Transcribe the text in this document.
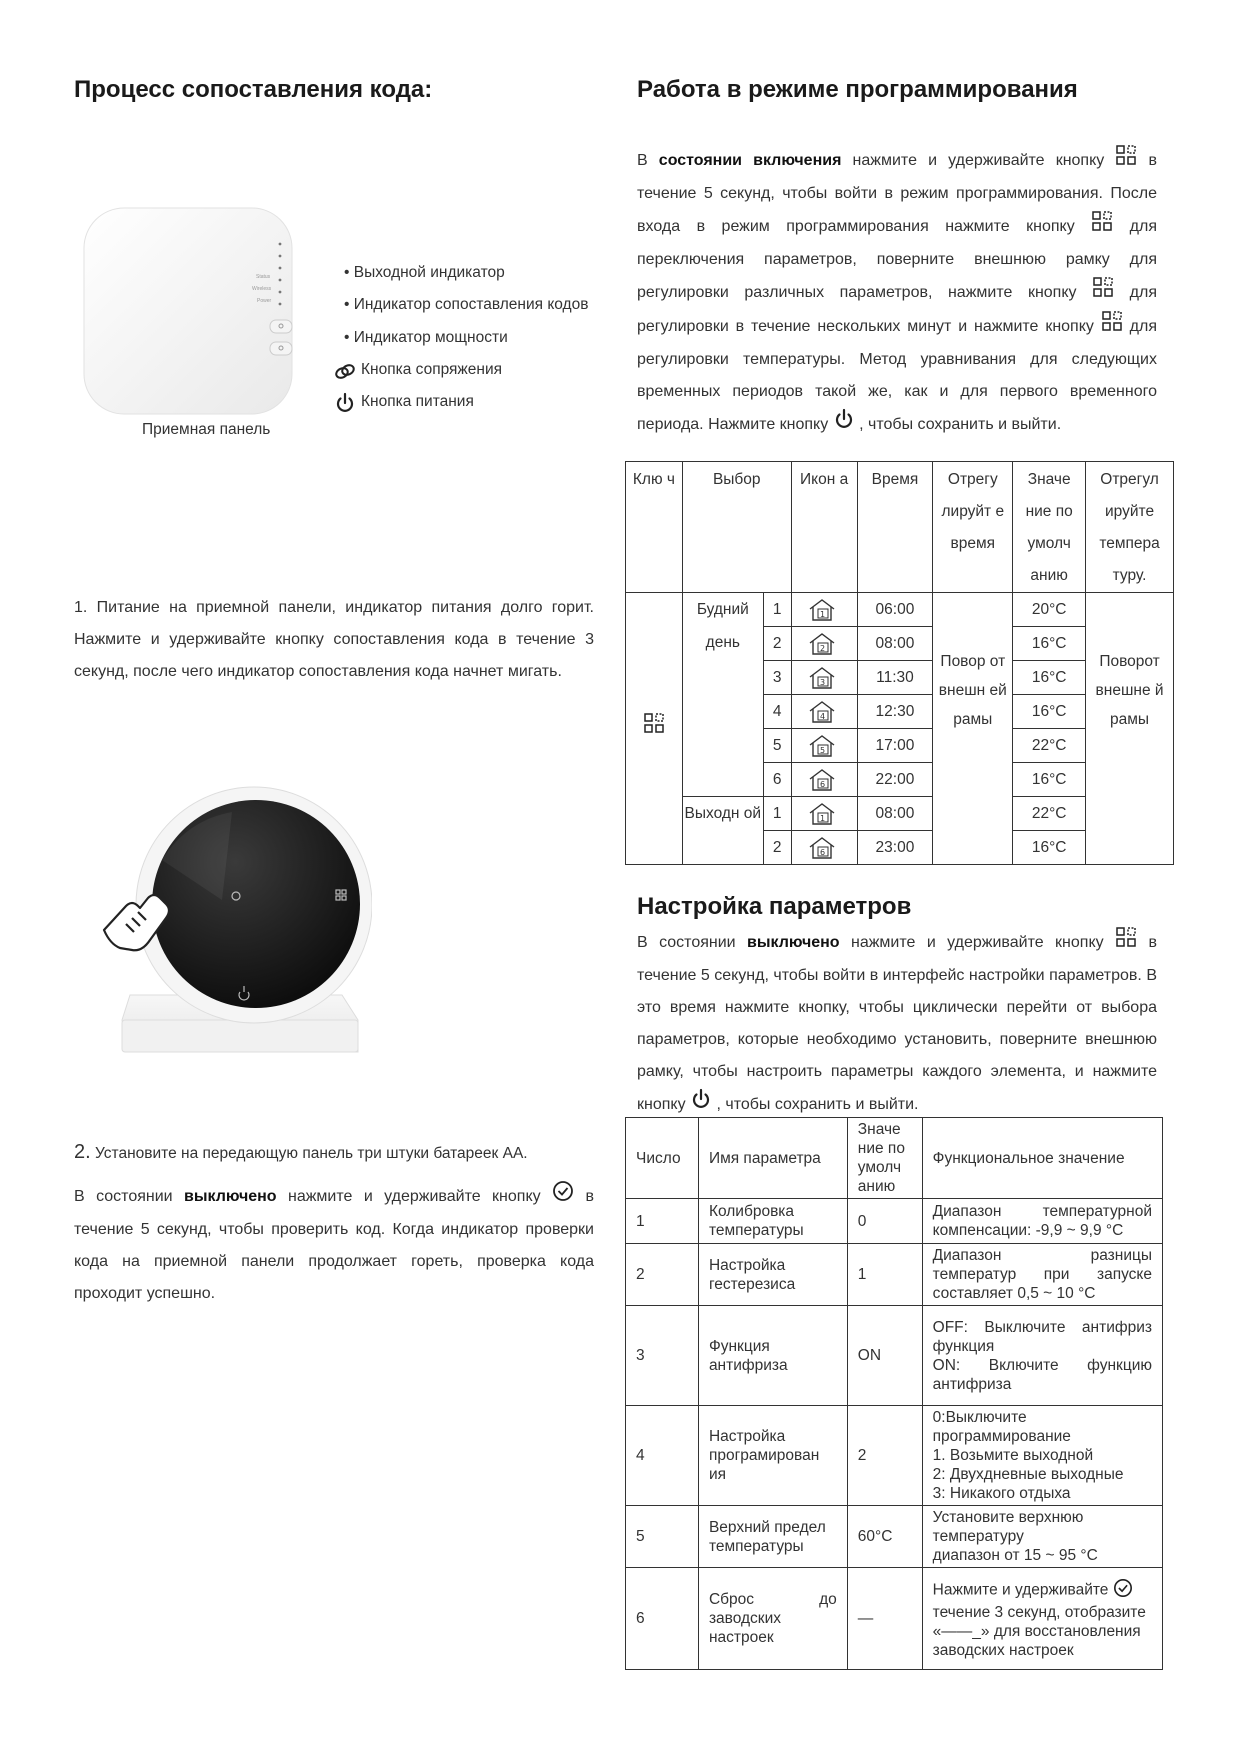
Процесс сопоставления кода:
Status
Wireless
Power
• Выходной индикатор
• Индикатор сопоставления кодов
• Индикатор мощности
Кнопка сопряжения
Кнопка питания
Приемная панель
1. Питание на приемной панели, индикатор питания долго горит. Нажмите и удерживайте кнопку сопоставления кода в течение 3 секунд, после чего индикатор сопоставления кода начнет мигать.
2. Установите на передающую панель три штуки батареек AA.
В состоянии выключено нажмите и удерживайте кнопку	в течение 5 секунд, чтобы проверить код. Когда индикатор проверки кода на приемной панели продолжает гореть, проверка кода проходит успешно.
Работа в режиме программирования
В состоянии включения нажмите и удерживайте кнопку	в течение 5 секунд, чтобы войти в режим программирования. После входа в режим программирования нажмите кнопку	для переключения параметров, поверните внешнюю рамку для регулировки различных параметров, нажмите кнопку	для регулировки в течение нескольких минут и нажмите кнопку для регулировки температуры. Метод уравнивания для следующих временных периодов такой же, как и для первого временного периода. Нажмите кнопку , чтобы сохранить и выйти.
Клю ч	Выбор		Икон а	Время	Отрегу лируйт е время	Значе ние по умолч анию	Отрегул ируйте темпера туру.
	Будний день	1	1	06:00	Повор от внешн ей рамы	20°C	Поворот внешне й рамы
		2	2	08:00		16°C	
		3	3	11:30		16°C	
		4	4	12:30		16°C	
		5	5	17:00		22°C	
		6	6	22:00		16°C	
	Выходн ой	1	1	08:00		22°C	
		2	6	23:00		16°C	
Настройка параметров
В состоянии выключено нажмите и удерживайте кнопку	в течение 5 секунд, чтобы войти в интерфейс настройки параметров. В это время нажмите кнопку, чтобы циклически перейти от выбора параметров, которые необходимо установить, поверните внешнюю рамку, чтобы настроить параметры каждого элемента, и нажмите кнопку , чтобы сохранить и выйти.
Число	Имя параметра	Значе ние по умолч анию	Функциональное значение
1	Колибровка температуры	0	Диапазон температурной компенсации: -9,9 ~ 9,9 °C
2	Настройка гестерезиса	1	Диапазон разницы температур при запуске составляет 0,5 ~ 10 °C
3	Функция антифриза	ON	OFF: Выключите антифриз функция
ON: Включите функцию антифриза

4	Настройка програмирован ия	2	0:Выключите программирование
1. Возьмите выходной
2: Двухдневные выходные
3: Никакого отдыха

5	Верхний предел температуры	60°C	Установите верхнюю температуру
диапазон от 15 ~ 95 °C

6	Сброс до заводских настроек	—	Нажмите и удерживайте
течение 3 секунд, отобразите «——_» для восстановления заводских настроек
